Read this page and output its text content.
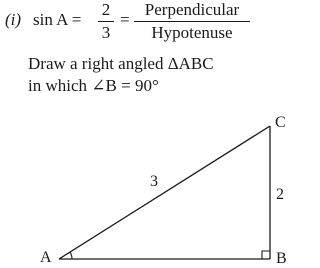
(i) sin A =
2
3
=
Perpendicular
Hypotenuse
Draw a right angled ΔABC
in which ∠B = 90°
A	B
C
3
2
